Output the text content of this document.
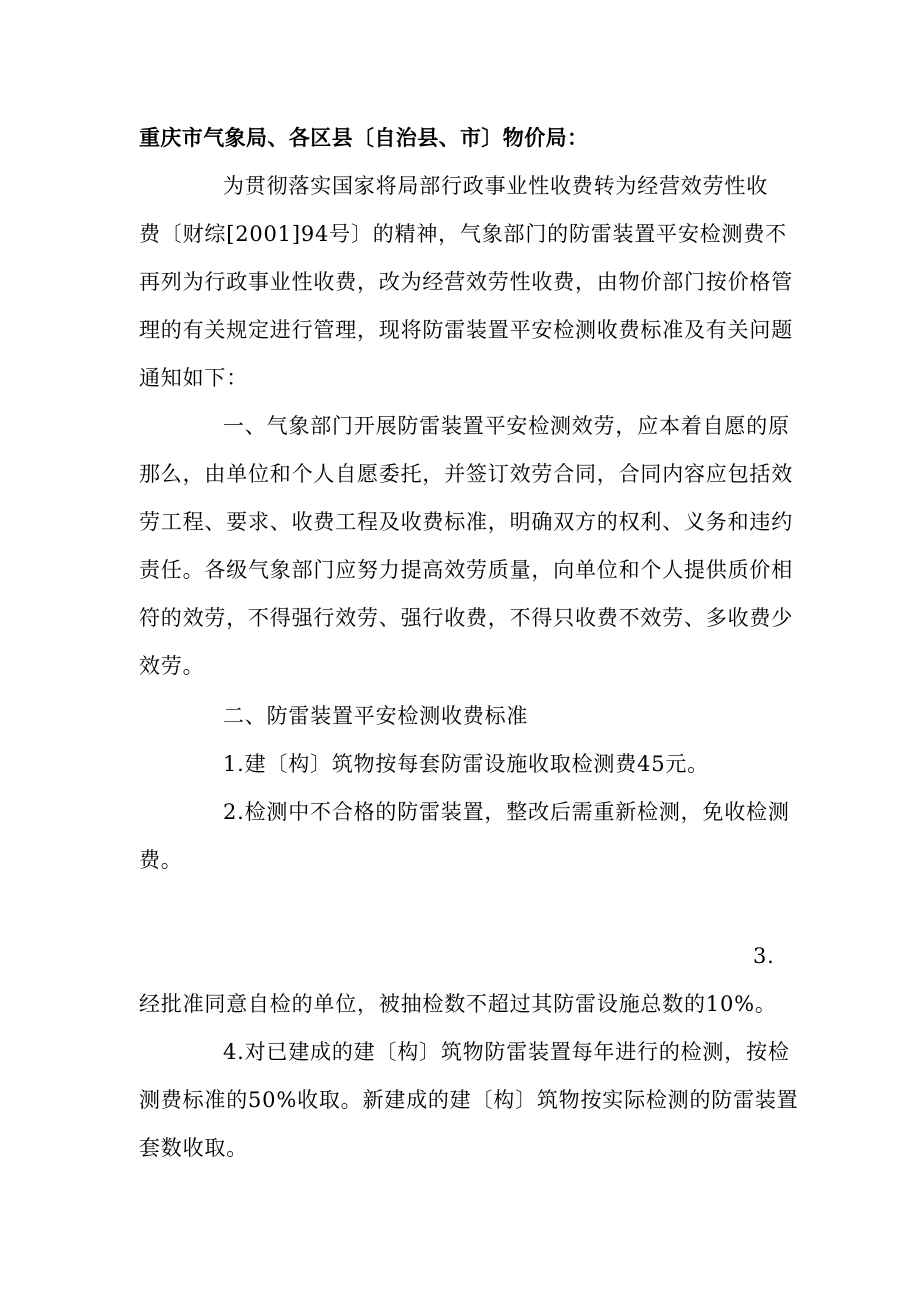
重庆市气象局、各区县〔自治县、市〕物价局：
为贯彻落实国家将局部行政事业性收费转为经营效劳性收
费〔财综[2001]94号〕的精神，气象部门的防雷装置平安检测费不
再列为行政事业性收费，改为经营效劳性收费，由物价部门按价格管
理的有关规定进行管理，现将防雷装置平安检测收费标准及有关问题
通知如下：
一、气象部门开展防雷装置平安检测效劳，应本着自愿的原
那么，由单位和个人自愿委托，并签订效劳合同，合同内容应包括效
劳工程、要求、收费工程及收费标准，明确双方的权利、义务和违约
责任。各级气象部门应努力提高效劳质量，向单位和个人提供质价相
符的效劳，不得强行效劳、强行收费，不得只收费不效劳、多收费少
效劳。
二、防雷装置平安检测收费标准
1.建〔构〕筑物按每套防雷设施收取检测费45元。
2.检测中不合格的防雷装置，整改后需重新检测，免收检测
费。
3.
经批准同意自检的单位，被抽检数不超过其防雷设施总数的10%。
4.对已建成的建〔构〕筑物防雷装置每年进行的检测，按检
测费标准的50%收取。新建成的建〔构〕筑物按实际检测的防雷装置
套数收取。
